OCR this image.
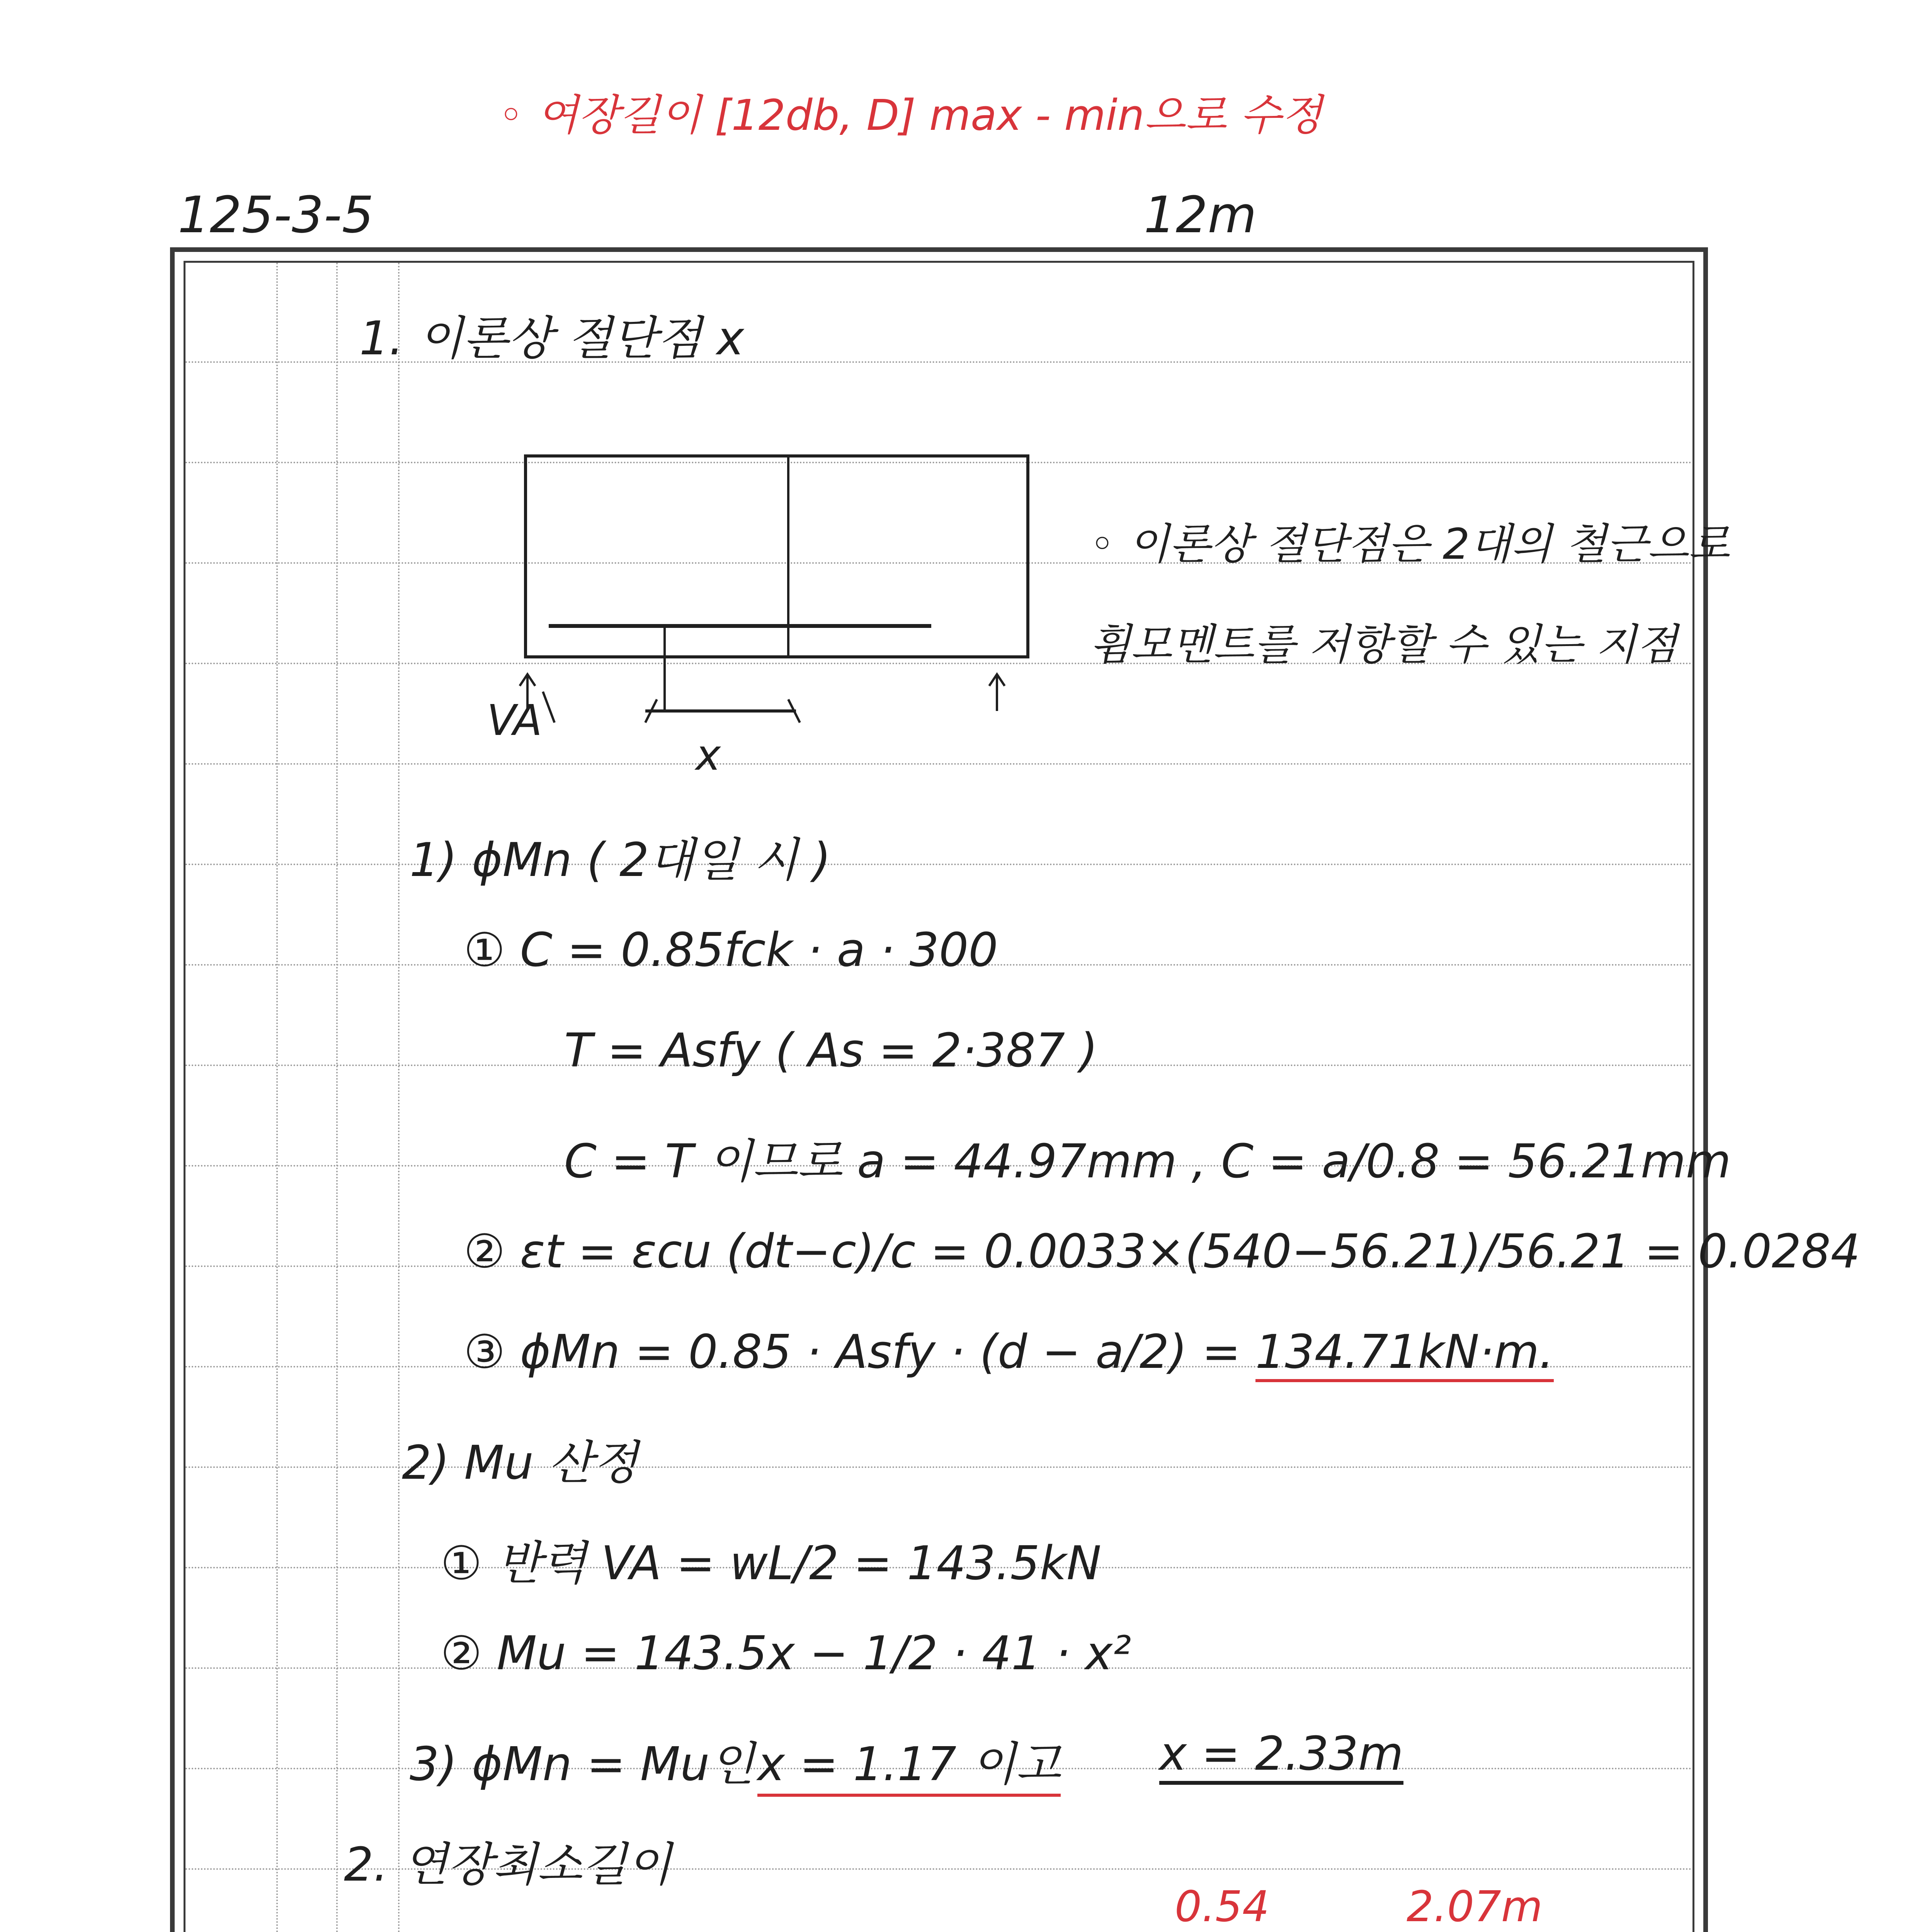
◦ 여장길이 [12db, D] max - min으로 수정
125-3-5	12m
1. 이론상 절단점 x
VA
x
◦ 이론상 절단점은 2대의 철근으로
휨모멘트를 저항할 수 있는 지점
1) ϕMn ( 2대일 시 )
① C = 0.85fck · a · 300
T = Asfy ( As = 2·387 )
C = T 이므로 a = 44.97mm , C = a/0.8 = 56.21mm
② εt = εcu (dt−c)/c = 0.0033×(540−56.21)/56.21 = 0.0284
③ ϕMn = 0.85 · Asfy · (d − a/2) = 134.71kN·m.
2) Mu 산정
① 반력 VA = wL/2 = 143.5kN
② Mu = 143.5x − 1/2 · 41 · x²
3) ϕMn = Mu인 x = 1.17 이고 x = 2.33m
2. 연장최소길이
0.54	2.07m
